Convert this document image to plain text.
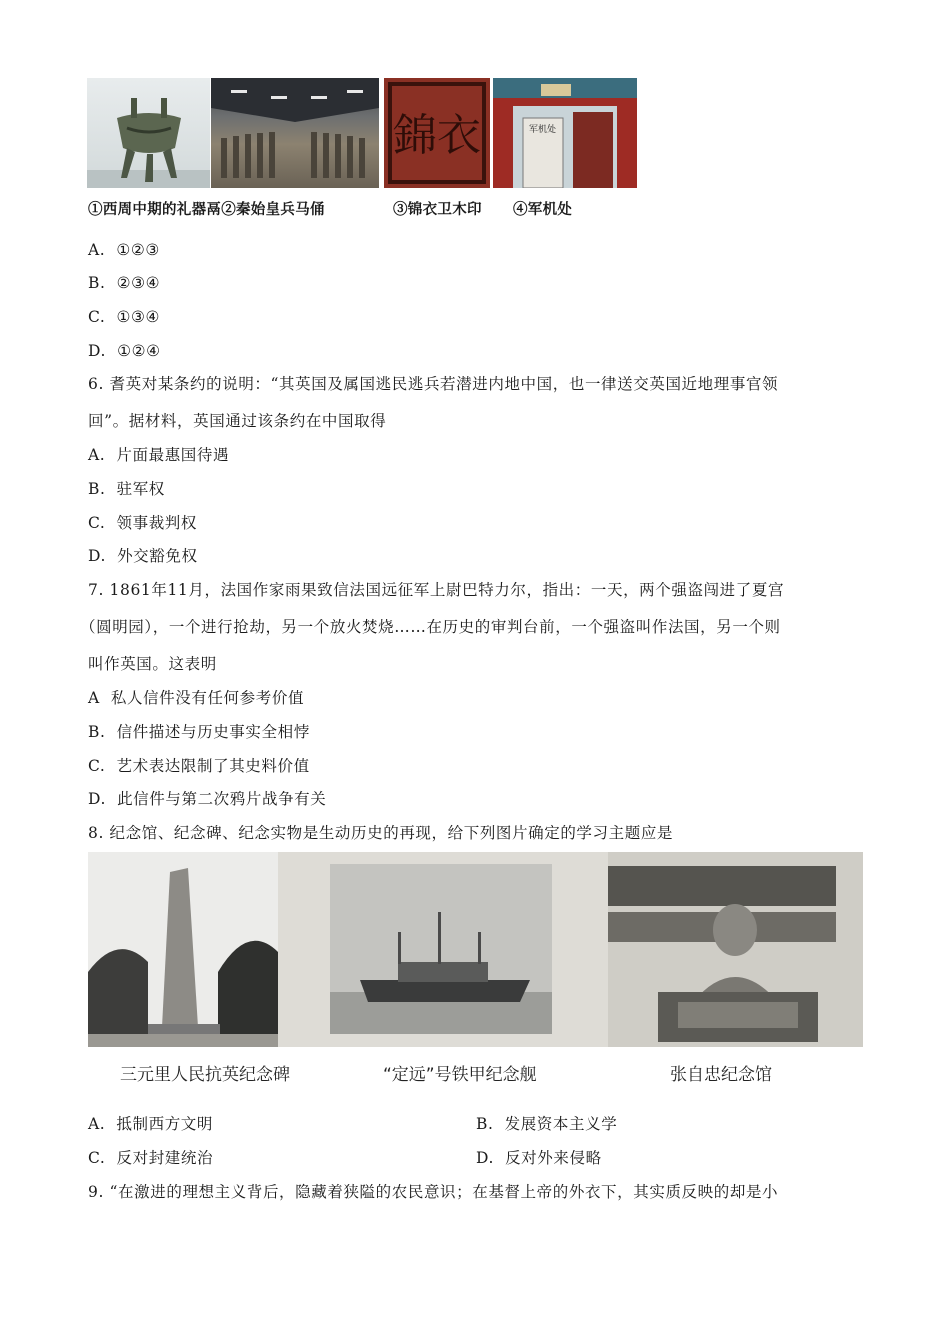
錦衣	军机处
①西周中期的礼器鬲②秦始皇兵马俑	③锦衣卫木印 ④军机处
A. ①②③
B. ②③④
C. ①③④
D. ①②④
6. 耆英对某条约的说明：“其英国及属国逃民逃兵若潜进内地中国，也一律送交英国近地理事官领
回”。据材料，英国通过该条约在中国取得
A. 片面最惠国待遇
B. 驻军权
C. 领事裁判权
D. 外交豁免权
7. 1861年11月，法国作家雨果致信法国远征军上尉巴特力尔，指出：一天，两个强盗闯进了夏宫
（圆明园），一个进行抢劫，另一个放火焚烧……在历史的审判台前，一个强盗叫作法国，另一个则
叫作英国。这表明
A 私人信件没有任何参考价值
B. 信件描述与历史事实全相悖
C. 艺术表达限制了其史料价值
D. 此信件与第二次鸦片战争有关
8. 纪念馆、纪念碑、纪念实物是生动历史的再现，给下列图片确定的学习主题应是
三元里人民抗英纪念碑	“定远”号铁甲纪念舰	张自忠纪念馆
A. 抵制西方文明	B. 发展资本主义学
C. 反对封建统治	D. 反对外来侵略
9. “在激进的理想主义背后，隐藏着狭隘的农民意识；在基督上帝的外衣下，其实质反映的却是小
